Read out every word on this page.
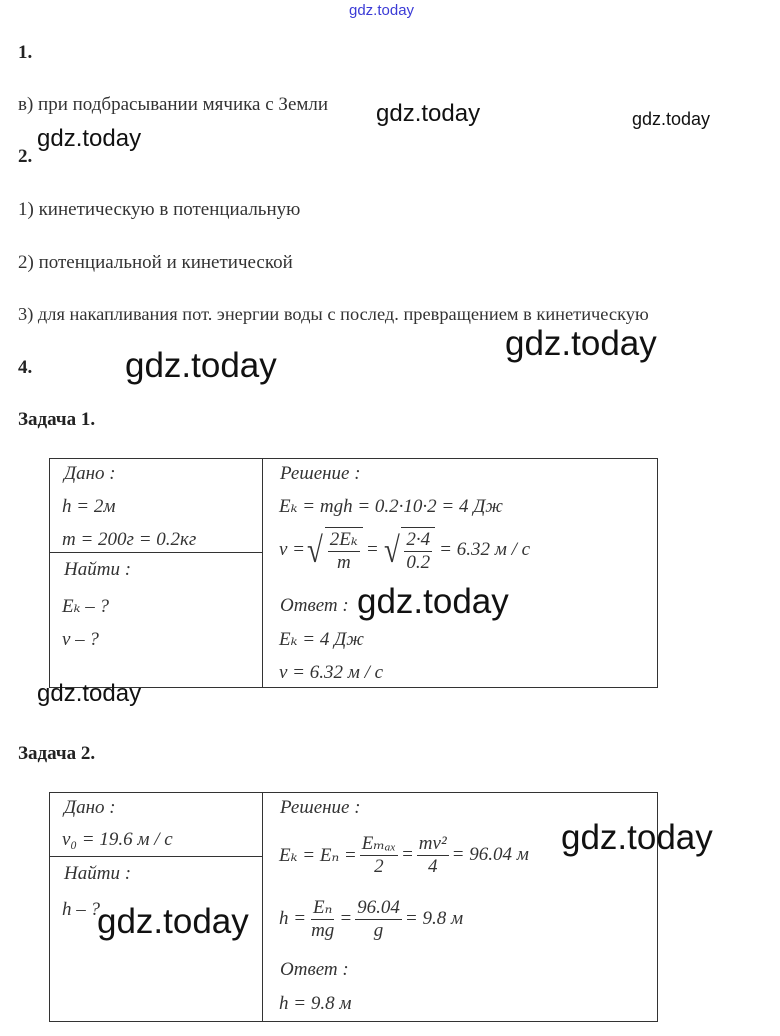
gdz.today
1.
в) при подбрасывании мячика с Земли gdz.today	gdz.today
gdz.today
2.
1) кинетическую в потенциальную
2) потенциальной и кинетической
3) для накапливания пот. энергии воды с послед. превращением в кинетическую
gdz.today
4.	gdz.today
Задача 1.
Дано :
h = 2м
m = 200г = 0.2кг
Найти :
Eₖ – ?
v – ?
Решение :
Eₖ = mgh = 0.2·10·2 = 4 Дж
v = √ $\frac{\text{2Eₖ}}{m}$ = √ $\frac{2\cdot 4}{0.2} = 6.32$ м / с
Ответ :
Eₖ = 4 Дж
v = 6.32 м / с
gdz.today
gdz.today
Задача 2.
Дано :
v₀ = 19.6 м / с
Найти :
h – ?
Решение :
$E_k = E_n = \frac{\text{Eₘₐₓ}}{2} = \frac{\text{mv²}}{4} = 96.04$ м
$h = \frac{\text{Eₙ}}{mg} = \frac{96.04}{g} = 9.8$ м
Ответ :
h = 9.8 м
gdz.today
gdz.today
